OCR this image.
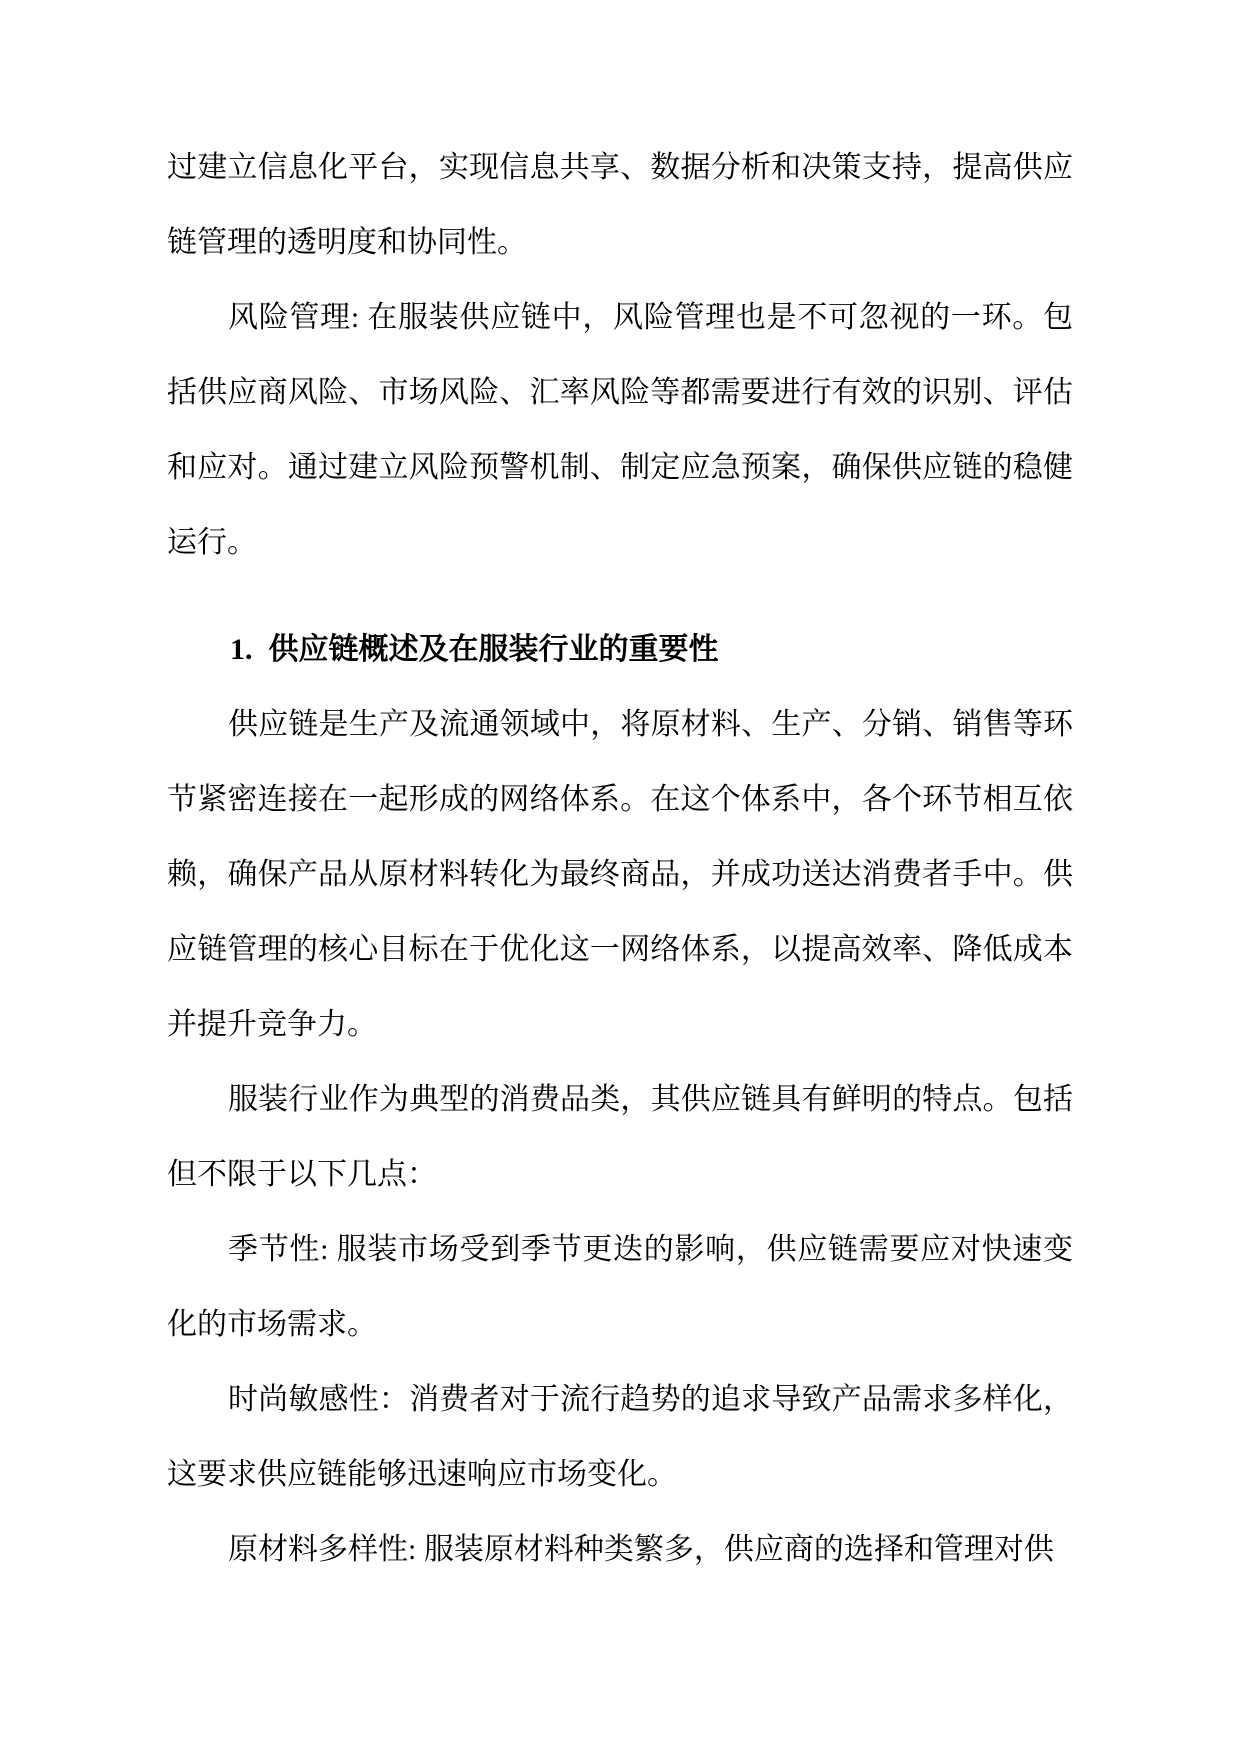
过建立信息化平台，实现信息共享、数据分析和决策支持，提高供应链管理的透明度和协同性。

风险管理: 在服装供应链中，风险管理也是不可忽视的一环。包括供应商风险、市场风险、汇率风险等都需要进行有效的识别、评估和应对。通过建立风险预警机制、制定应急预案，确保供应链的稳健运行。

1. 供应链概述及在服装行业的重要性

供应链是生产及流通领域中，将原材料、生产、分销、销售等环节紧密连接在一起形成的网络体系。在这个体系中，各个环节相互依赖，确保产品从原材料转化为最终商品，并成功送达消费者手中。供应链管理的核心目标在于优化这一网络体系，以提高效率、降低成本并提升竞争力。

服装行业作为典型的消费品类，其供应链具有鲜明的特点。包括但不限于以下几点：

季节性: 服装市场受到季节更迭的影响，供应链需要应对快速变化的市场需求。

时尚敏感性：消费者对于流行趋势的追求导致产品需求多样化，这要求供应链能够迅速响应市场变化。

原材料多样性: 服装原材料种类繁多，供应商的选择和管理对供
